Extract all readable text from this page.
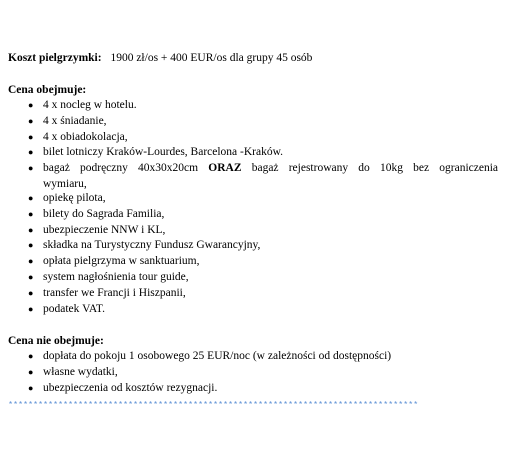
Koszt pielgrzymki: 1900 zł/os + 400 EUR/os dla grupy 45 osób
Cena obejmuje:
● 4 x nocleg w hotelu.
● 4 x śniadanie,
● 4 x obiadokolacja,
● bilet lotniczy Kraków-Lourdes, Barcelona -Kraków.
● bagaż podręczny 40x30x20cm ORAZ bagaż rejestrowany do 10kg bez ograniczenia
wymiaru,
● opiekę pilota,
● bilety do Sagrada Familia,
● ubezpieczenie NNW i KL,
● składka na Turystyczny Fundusz Gwarancyjny,
● opłata pielgrzyma w sanktuarium,
● system nagłośnienia tour guide,
● transfer we Francji i Hiszpanii,
● podatek VAT.
Cena nie obejmuje:
● dopłata do pokoju 1 osobowego 25 EUR/noc (w zależności od dostępności)
● własne wydatki,
● ubezpieczenia od kosztów rezygnacji.
**********************************************************************************
